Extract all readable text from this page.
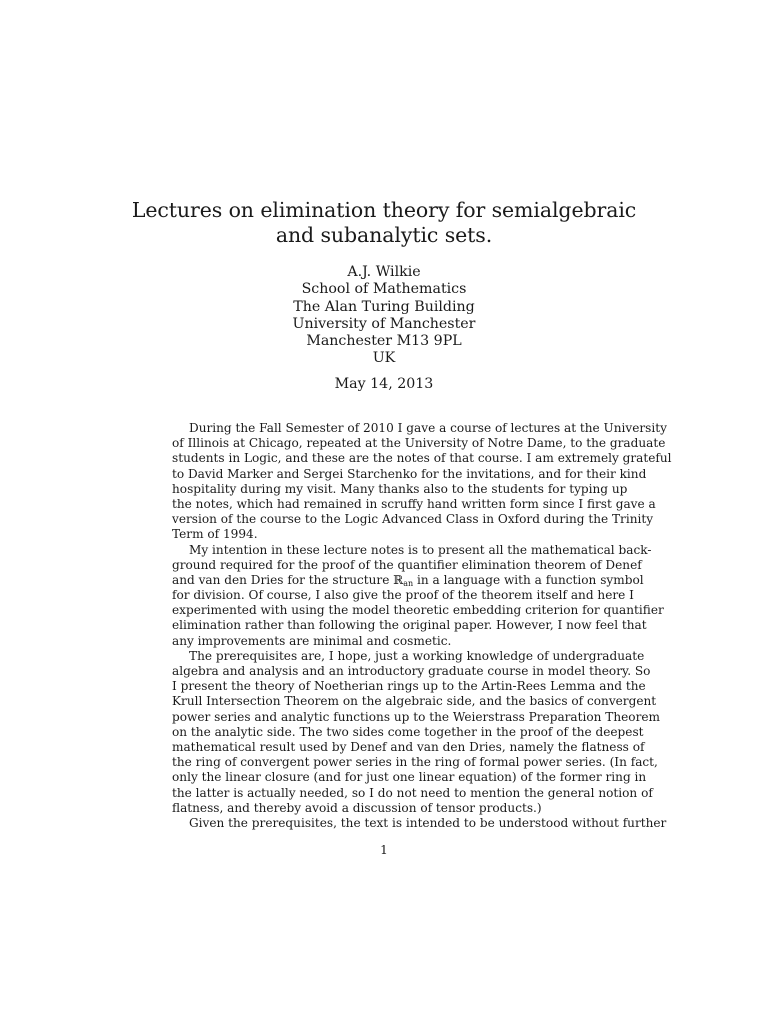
Lectures on elimination theory for semialgebraic
and subanalytic sets.
A.J. Wilkie
School of Mathematics
The Alan Turing Building
University of Manchester
Manchester M13 9PL
UK
May 14, 2013
During the Fall Semester of 2010 I gave a course of lectures at the University
of Illinois at Chicago, repeated at the University of Notre Dame, to the graduate
students in Logic, and these are the notes of that course. I am extremely grateful
to David Marker and Sergei Starchenko for the invitations, and for their kind
hospitality during my visit. Many thanks also to the students for typing up
the notes, which had remained in scruffy hand written form since I first gave a
version of the course to the Logic Advanced Class in Oxford during the Trinity
Term of 1994.
My intention in these lecture notes is to present all the mathematical back-
ground required for the proof of the quantifier elimination theorem of Denef
and van den Dries for the structure ℝ$_{an}$ in a language with a function symbol
for division. Of course, I also give the proof of the theorem itself and here I
experimented with using the model theoretic embedding criterion for quantifier
elimination rather than following the original paper. However, I now feel that
any improvements are minimal and cosmetic.
The prerequisites are, I hope, just a working knowledge of undergraduate
algebra and analysis and an introductory graduate course in model theory. So
I present the theory of Noetherian rings up to the Artin-Rees Lemma and the
Krull Intersection Theorem on the algebraic side, and the basics of convergent
power series and analytic functions up to the Weierstrass Preparation Theorem
on the analytic side. The two sides come together in the proof of the deepest
mathematical result used by Denef and van den Dries, namely the flatness of
the ring of convergent power series in the ring of formal power series. (In fact,
only the linear closure (and for just one linear equation) of the former ring in
the latter is actually needed, so I do not need to mention the general notion of
flatness, and thereby avoid a discussion of tensor products.)
Given the prerequisites, the text is intended to be understood without further
1
